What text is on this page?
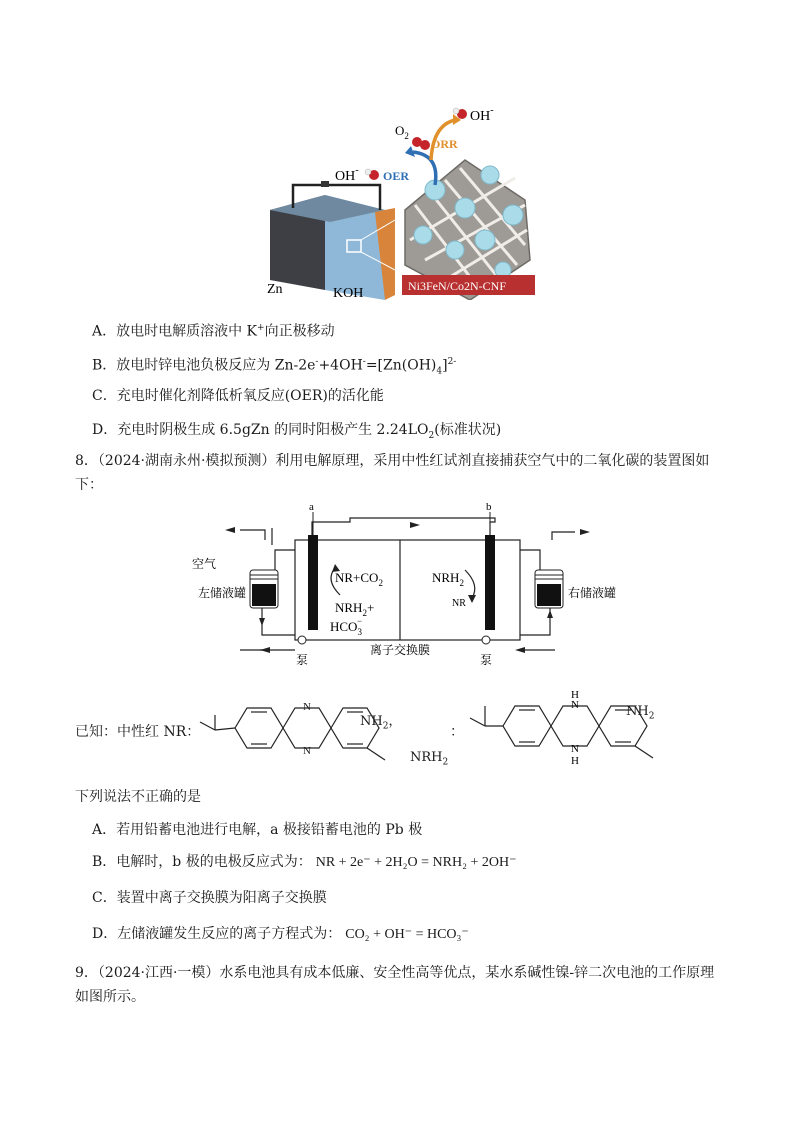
OER
ORR
$O_2$
OH-
OH-
Zn	KOH	Ni3FeN/Co2N-CNF
A．放电时电解质溶液中 K+向正极移动
B．放电时锌电池负极反应为 $Zn-2e^-+4OH^-=[Zn(OH)_4]^{2-}$
C．充电时催化剂降低析氧反应(OER)的活化能
D．充电时阴极生成 6.5gZn 的同时阳极产生 $2.24LO_2$(标准状况)
8．（2024·湖南永州·模拟预测）利用电解原理，采用中性红试剂直接捕获空气中的二氧化碳的装置图如
下：
a	b
空气
左储液罐	右储液罐
$NR+CO_2$
$NRH_2+$
$HCO_3-$
$NRH_2$
NR
离子交换膜
泵	泵
已知：中性红 NR：
N
N
$NH_2$，
$NRH_2$
：
H
N
N
H
$NH_2$
下列说法不正确的是
A．若用铅蓄电池进行电解，a 极接铅蓄电池的 Pb 极
B．电解时，b 极的电极反应式为： NR + 2e⁻ + 2H₂O = NRH₂ + 2OH⁻
C．装置中离子交换膜为阳离子交换膜
D．左储液罐发生反应的离子方程式为： CO₂ + OH⁻ = HCO₃⁻
9．（2024·江西·一模）水系电池具有成本低廉、安全性高等优点，某水系碱性镍-锌二次电池的工作原理
如图所示。
